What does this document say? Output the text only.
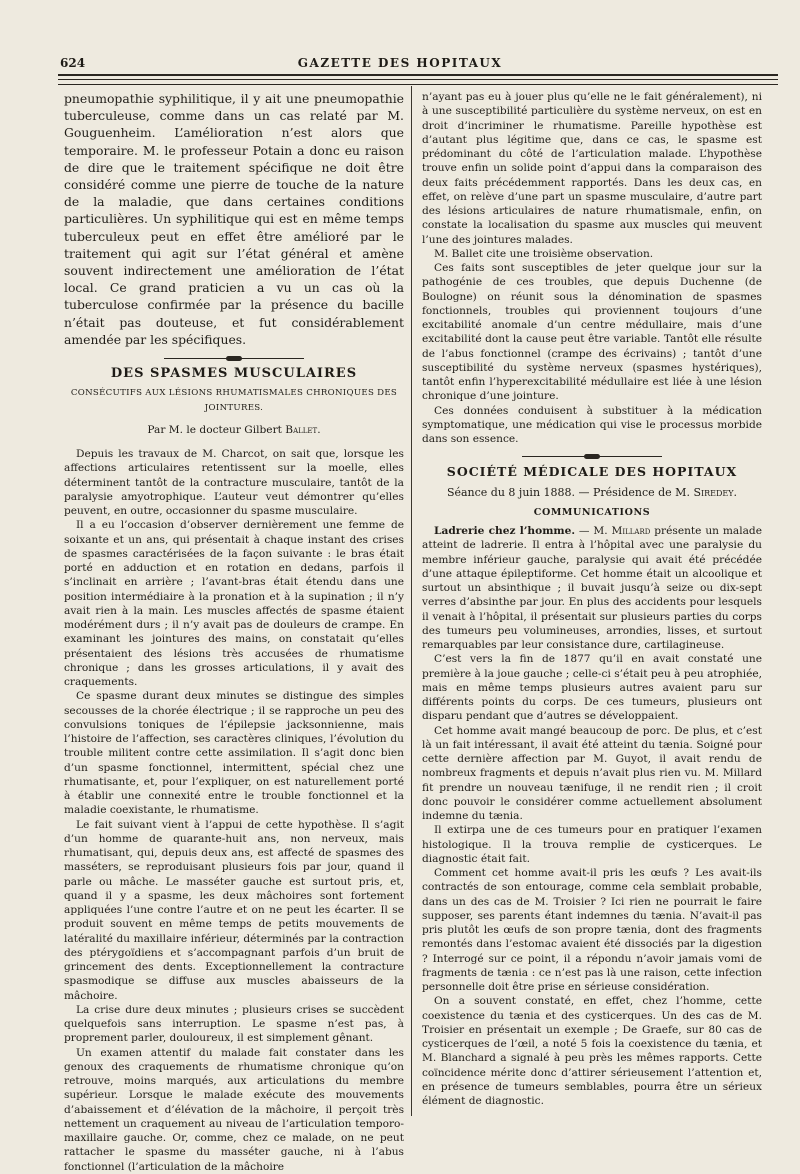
624	GAZETTE DES HOPITAUX

pneumopathie syphilitique, il y ait une pneumopathie tuberculeuse, comme dans un cas relaté par M. Gouguenheim. L’amélioration n’est alors que temporaire. M. le professeur Potain a donc eu raison de dire que le traitement spécifique ne doit être considéré comme une pierre de touche de la nature de la maladie, que dans certaines conditions particulières. Un syphilitique qui est en même temps tuberculeux peut en effet être amélioré par le traitement qui agit sur l’état général et amène souvent indirectement une amélioration de l’état local. Ce grand praticien a vu un cas où la tuberculose confirmée par la présence du bacille n’était pas douteuse, et fut considérablement amendée par les spécifiques.

DES SPASMES MUSCULAIRES
CONSÉCUTIFS AUX LÉSIONS RHUMATISMALES CHRONIQUES DES JOINTURES.
Par M. le docteur Gilbert Ballet.

Depuis les travaux de M. Charcot, on sait que, lorsque les affections articulaires retentissent sur la moelle, elles déterminent tantôt de la contracture musculaire, tantôt de la paralysie amyotrophique. L’auteur veut démontrer qu’elles peuvent, en outre, occasionner du spasme musculaire.

Il a eu l’occasion d’observer dernièrement une femme de soixante et un ans, qui présentait à chaque instant des crises de spasmes caractérisées de la façon suivante : le bras était porté en adduction et en rotation en dedans, parfois il s’inclinait en arrière ; l’avant-bras était étendu dans une position intermédiaire à la pronation et à la supination ; il n’y avait rien à la main. Les muscles affectés de spasme étaient modérément durs ; il n’y avait pas de douleurs de crampe. En examinant les jointures des mains, on constatait qu’elles présentaient des lésions très accusées de rhumatisme chronique ; dans les grosses articulations, il y avait des craquements.

Ce spasme durant deux minutes se distingue des simples secousses de la chorée électrique ; il se rapproche un peu des convulsions toniques de l’épilepsie jacksonnienne, mais l’histoire de l’affection, ses caractères cliniques, l’évolution du trouble militent contre cette assimilation. Il s’agit donc bien d’un spasme fonctionnel, intermittent, spécial chez une rhumatisante, et, pour l’expliquer, on est naturellement porté à établir une connexité entre le trouble fonctionnel et la maladie coexistante, le rhumatisme.

Le fait suivant vient à l’appui de cette hypothèse. Il s’agit d’un homme de quarante-huit ans, non nerveux, mais rhumatisant, qui, depuis deux ans, est affecté de spasmes des masséters, se reproduisant plusieurs fois par jour, quand il parle ou mâche. Le masséter gauche est surtout pris, et, quand il y a spasme, les deux mâchoires sont fortement appliquées l’une contre l’autre et on ne peut les écarter. Il se produit souvent en même temps de petits mouvements de latéralité du maxillaire inférieur, déterminés par la contraction des ptérygoïdiens et s’accompagnant parfois d’un bruit de grincement des dents. Exceptionnellement la contracture spasmodique se diffuse aux muscles abaisseurs de la mâchoire.

La crise dure deux minutes ; plusieurs crises se succèdent quelquefois sans interruption. Le spasme n’est pas, à proprement parler, douloureux, il est simplement gênant.

Un examen attentif du malade fait constater dans les genoux des craquements de rhumatisme chronique qu’on retrouve, moins marqués, aux articulations du membre supérieur. Lorsque le malade exécute des mouvements d’abaissement et d’élévation de la mâchoire, il perçoit très nettement un craquement au niveau de l’articulation temporo-maxillaire gauche. Or, comme, chez ce malade, on ne peut rattacher le spasme du masséter gauche, ni à l’abus fonctionnel (l’articulation de la mâchoire

n’ayant pas eu à jouer plus qu’elle ne le fait généralement), ni à une susceptibilité particulière du système nerveux, on est en droit d’incriminer le rhumatisme. Pareille hypothèse est d’autant plus légitime que, dans ce cas, le spasme est prédominant du côté de l’articulation malade. L’hypothèse trouve enfin un solide point d’appui dans la comparaison des deux faits précédemment rapportés. Dans les deux cas, en effet, on relève d’une part un spasme musculaire, d’autre part des lésions articulaires de nature rhumatismale, enfin, on constate la localisation du spasme aux muscles qui meuvent l’une des jointures malades.

M. Ballet cite une troisième observation.

Ces faits sont susceptibles de jeter quelque jour sur la pathogénie de ces troubles, que depuis Duchenne (de Boulogne) on réunit sous la dénomination de spasmes fonctionnels, troubles qui proviennent toujours d’une excitabilité anomale d’un centre médullaire, mais d’une excitabilité dont la cause peut être variable. Tantôt elle résulte de l’abus fonctionnel (crampe des écrivains) ; tantôt d’une susceptibilité du système nerveux (spasmes hystériques), tantôt enfin l’hyperexcitabilité médullaire est liée à une lésion chronique d’une jointure.

Ces données conduisent à substituer à la médication symptomatique, une médication qui vise le processus morbide dans son essence.

SOCIÉTÉ MÉDICALE DES HOPITAUX
Séance du 8 juin 1888. — Présidence de M. Siredey.
COMMUNICATIONS

Ladrerie chez l’homme. — M. Millard présente un malade atteint de ladrerie. Il entra à l’hôpital avec une paralysie du membre inférieur gauche, paralysie qui avait été précédée d’une attaque épileptiforme. Cet homme était un alcoolique et surtout un absinthique ; il buvait jusqu’à seize ou dix-sept verres d’absinthe par jour. En plus des accidents pour lesquels il venait à l’hôpital, il présentait sur plusieurs parties du corps des tumeurs peu volumineuses, arrondies, lisses, et surtout remarquables par leur consistance dure, cartilagineuse.

C’est vers la fin de 1877 qu’il en avait constaté une première à la joue gauche ; celle-ci s’était peu à peu atrophiée, mais en même temps plusieurs autres avaient paru sur différents points du corps. De ces tumeurs, plusieurs ont disparu pendant que d’autres se développaient.

Cet homme avait mangé beaucoup de porc. De plus, et c’est là un fait intéressant, il avait été atteint du tænia. Soigné pour cette dernière affection par M. Guyot, il avait rendu de nombreux fragments et depuis n’avait plus rien vu. M. Millard fit prendre un nouveau tænifuge, il ne rendit rien ; il croit donc pouvoir le considérer comme actuellement absolument indemne du tænia.

Il extirpa une de ces tumeurs pour en pratiquer l’examen histologique. Il la trouva remplie de cysticerques. Le diagnostic était fait.

Comment cet homme avait-il pris les œufs ? Les avait-ils contractés de son entourage, comme cela semblait probable, dans un des cas de M. Troisier ? Ici rien ne pourrait le faire supposer, ses parents étant indemnes du tænia. N’avait-il pas pris plutôt les œufs de son propre tænia, dont des fragments remontés dans l’estomac avaient été dissociés par la digestion ? Interrogé sur ce point, il a répondu n’avoir jamais vomi de fragments de tænia : ce n’est pas là une raison, cette infection personnelle doit être prise en sérieuse considération.

On a souvent constaté, en effet, chez l’homme, cette coexistence du tænia et des cysticerques. Un des cas de M. Troisier en présentait un exemple ; De Graefe, sur 80 cas de cysticerques de l’œil, a noté 5 fois la coexistence du tænia, et M. Blanchard a signalé à peu près les mêmes rapports. Cette coïncidence mérite donc d’attirer sérieusement l’attention et, en présence de tumeurs semblables, pourra être un sérieux élément de diagnostic.
